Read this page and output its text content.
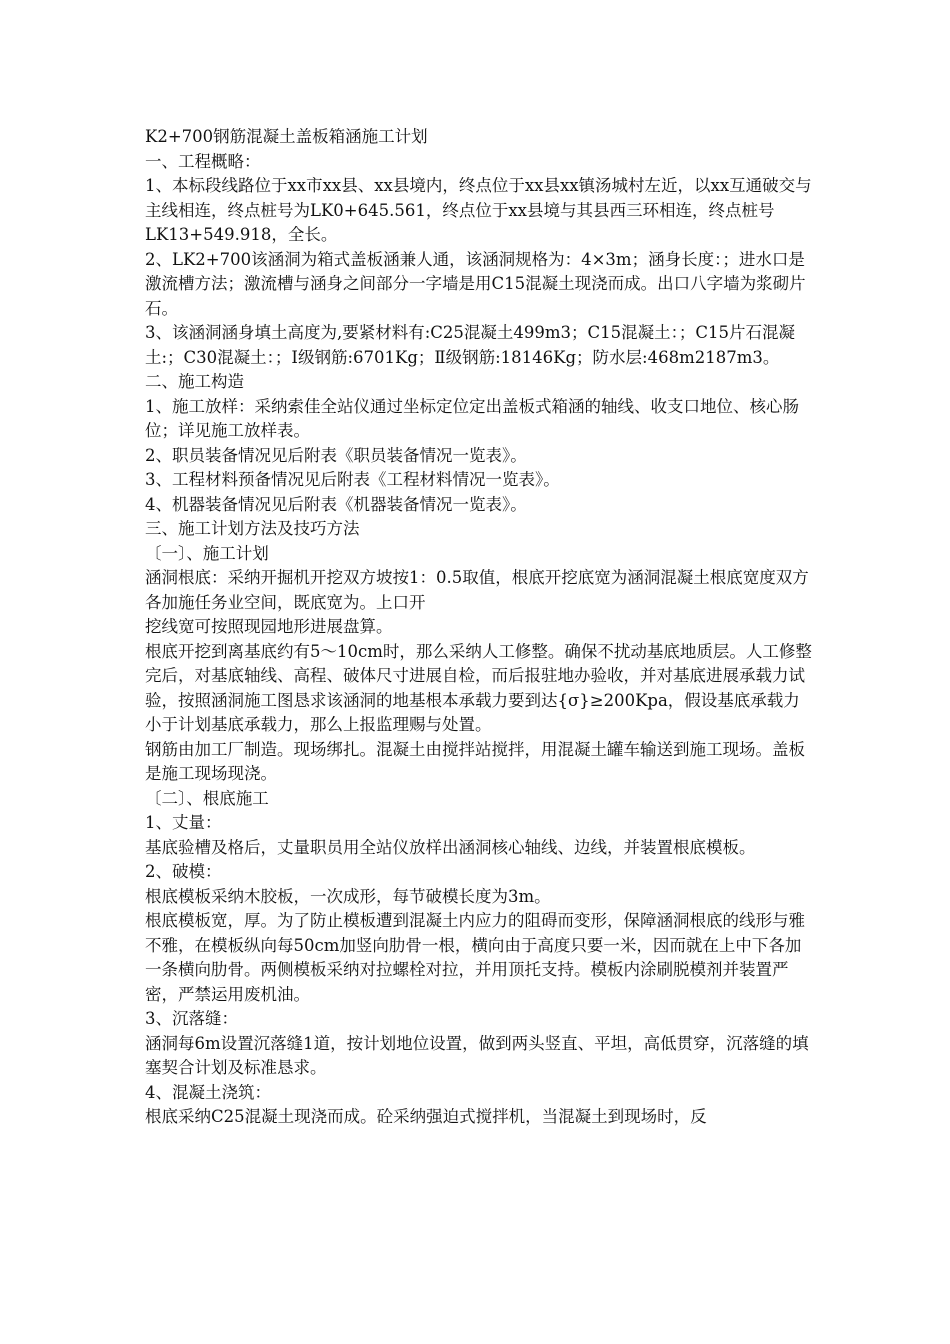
K2+700钢筋混凝土盖板箱涵施工计划

一、工程概略：

1、本标段线路位于xx市xx县、xx县境内，终点位于xx县xx镇汤城村左近，以xx互通破交与主线相连，终点桩号为LK0+645.561，终点位于xx县境与其县西三环相连，终点桩号LK13+549.918，全长。

2、LK2+700该涵洞为箱式盖板涵兼人通，该涵洞规格为：4×3m；涵身长度：；进水口是激流槽方法；激流槽与涵身之间部分一字墙是用C15混凝土现浇而成。出口八字墙为浆砌片石。

3、该涵洞涵身填土高度为,要紧材料有:C25混凝土499m3；C15混凝土：；C15片石混凝土:；C30混凝土：；Ⅰ级钢筋:6701Kg；Ⅱ级钢筋:18146Kg；防水层:468m2187m3。

二、施工构造

1、施工放样：采纳索佳全站仪通过坐标定位定出盖板式箱涵的轴线、收支口地位、核心肠位；详见施工放样表。

2、职员装备情况见后附表《职员装备情况一览表》。

3、工程材料预备情况见后附表《工程材料情况一览表》。

4、机器装备情况见后附表《机器装备情况一览表》。

三、施工计划方法及技巧方法

〔一〕、施工计划

涵洞根底：采纳开掘机开挖双方坡按1：0.5取值，根底开挖底宽为涵洞混凝土根底宽度双方各加施任务业空间，既底宽为。上口开

挖线宽可按照现园地形进展盘算。

根底开挖到离基底约有5～10cm时，那么采纳人工修整。确保不扰动基底地质层。人工修整完后，对基底轴线、高程、破体尺寸进展自检，而后报驻地办验收，并对基底进展承载力试验，按照涵洞施工图恳求该涵洞的地基根本承载力要到达{σ}≥200Kpa，假设基底承载力小于计划基底承载力，那么上报监理赐与处置。

钢筋由加工厂制造。现场绑扎。混凝土由搅拌站搅拌，用混凝土罐车输送到施工现场。盖板是施工现场现浇。

〔二〕、根底施工

1、丈量：

基底验槽及格后，丈量职员用全站仪放样出涵洞核心轴线、边线，并装置根底模板。

2、破模：

根底模板采纳木胶板，一次成形，每节破模长度为3m。

根底模板宽，厚。为了防止模板遭到混凝土内应力的阻碍而变形，保障涵洞根底的线形与雅不雅，在模板纵向每50cm加竖向肋骨一根，横向由于高度只要一米，因而就在上中下各加一条横向肋骨。两侧模板采纳对拉螺栓对拉，并用顶托支持。模板内涂刷脱模剂并装置严密，严禁运用废机油。

3、沉落缝：

涵洞每6m设置沉落缝1道，按计划地位设置，做到两头竖直、平坦，高低贯穿，沉落缝的填塞契合计划及标准恳求。

4、混凝土浇筑：

根底采纳C25混凝土现浇而成。砼采纳强迫式搅拌机，当混凝土到现场时，反
